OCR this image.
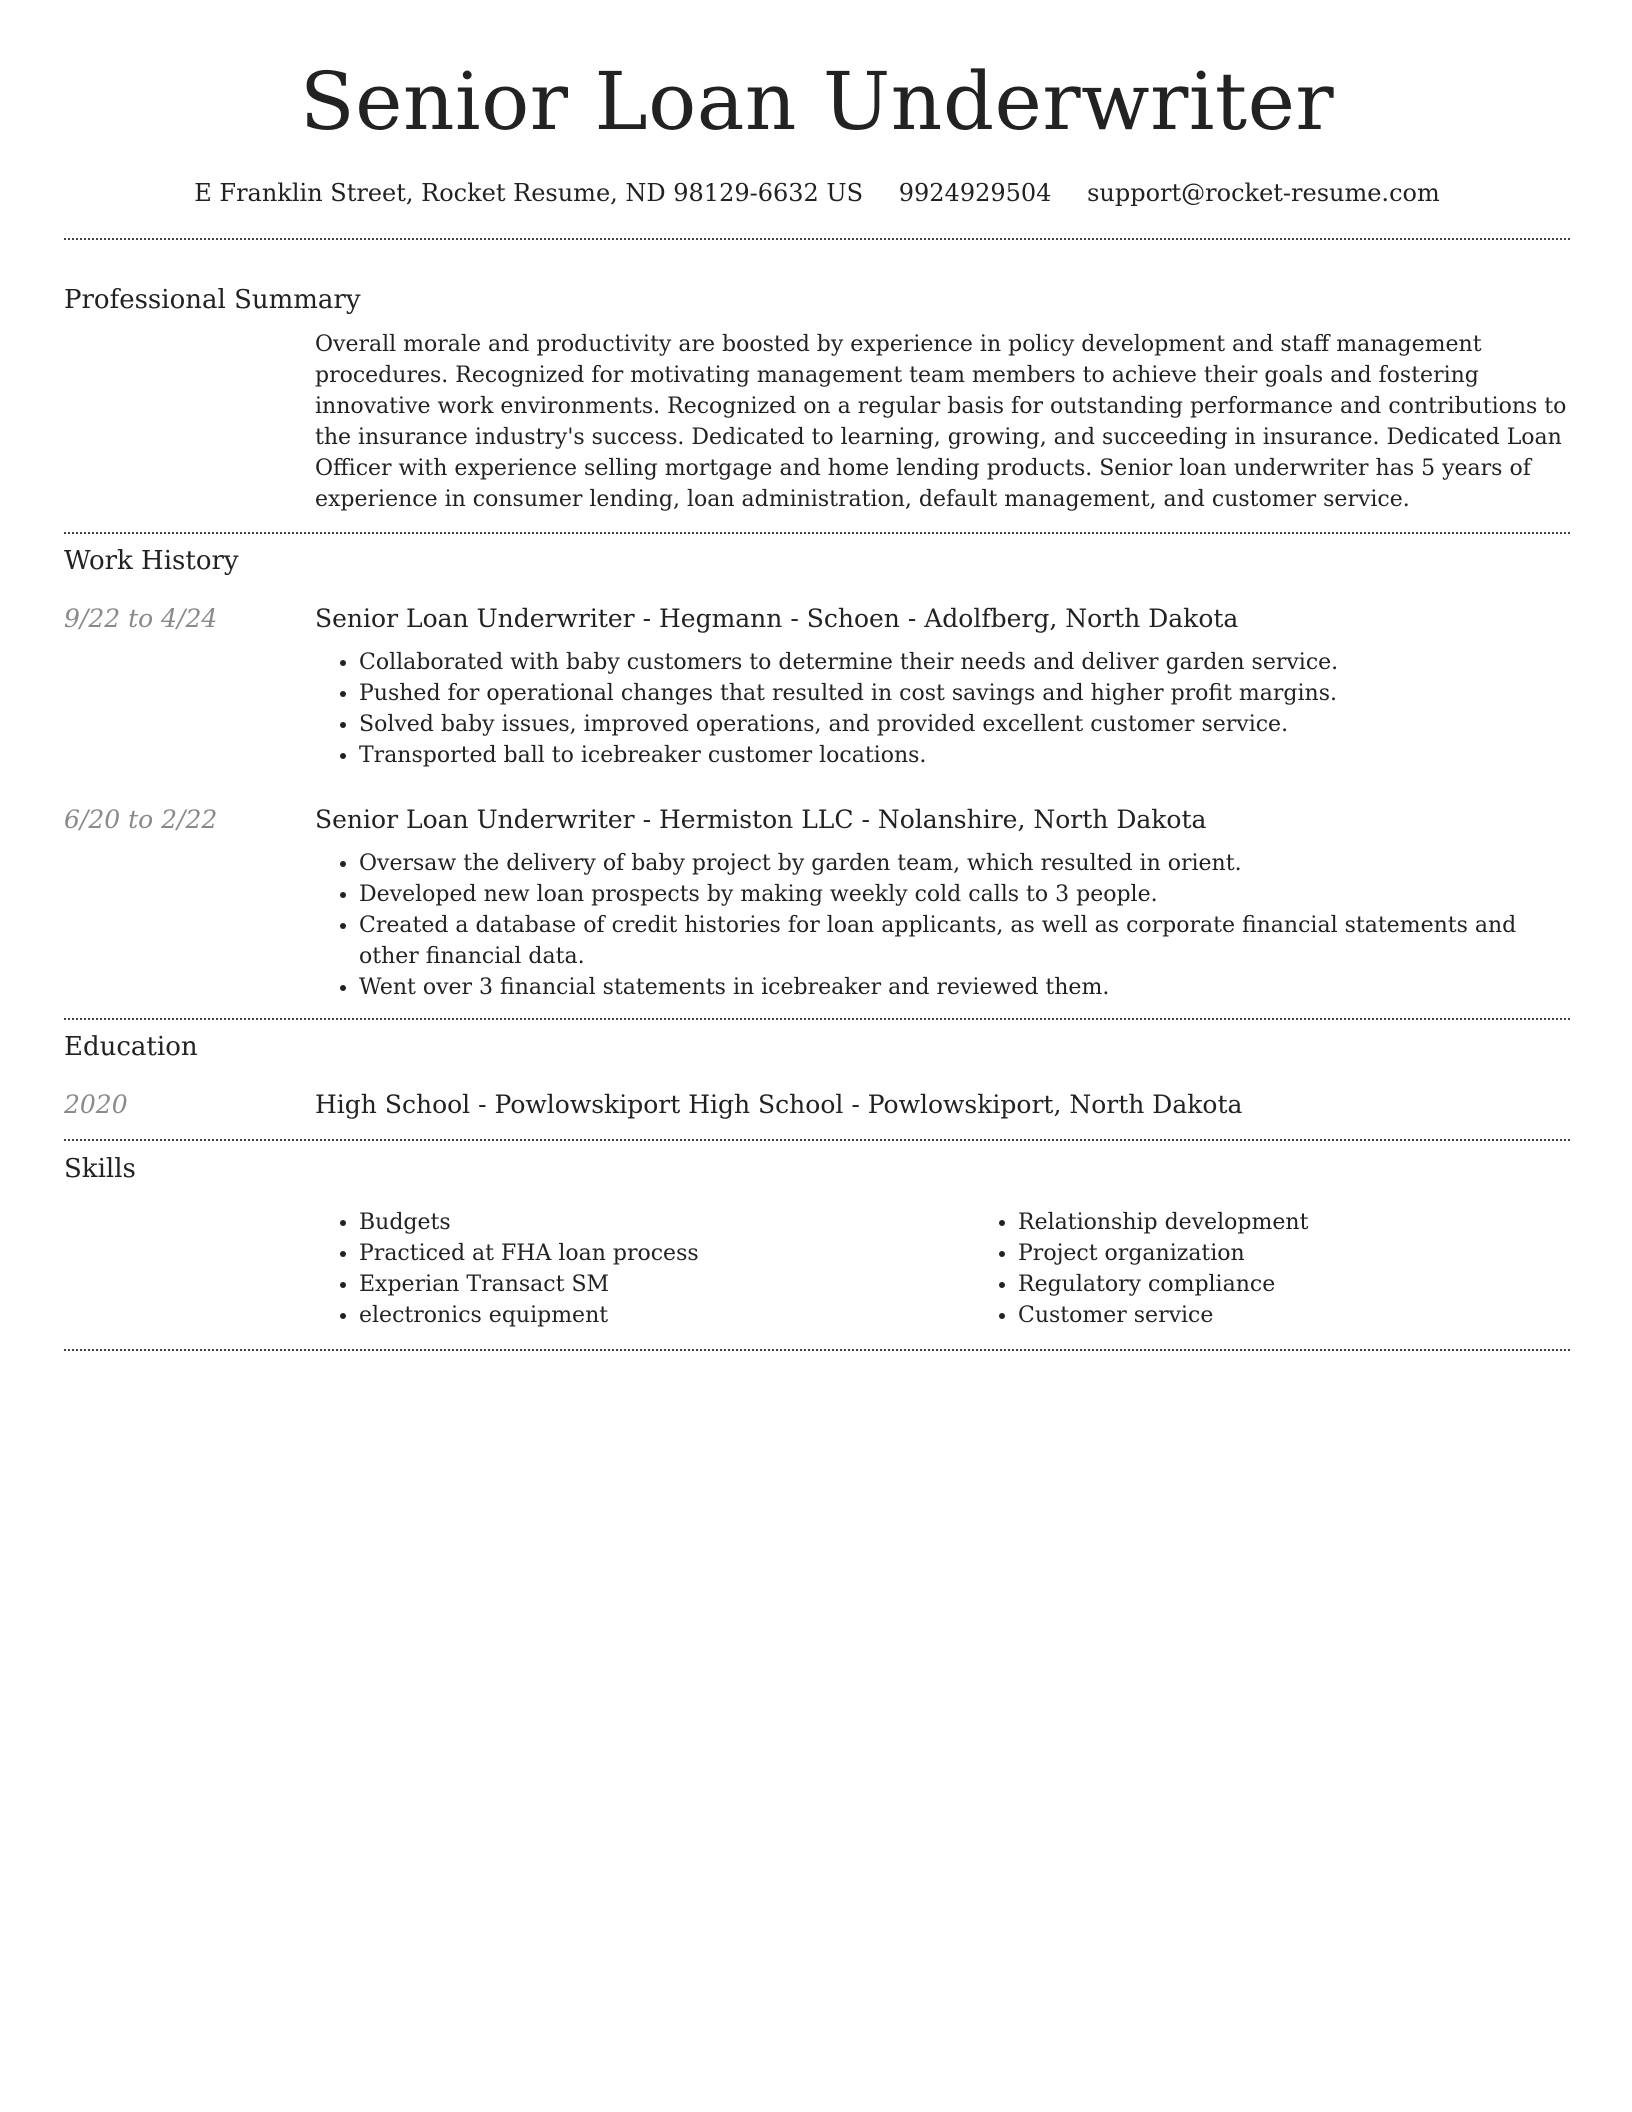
Senior Loan Underwriter
E Franklin Street, Rocket Resume, ND 98129-6632 US 9924929504 support@rocket-resume.com
Professional Summary
Overall morale and productivity are boosted by experience in policy development and staff management procedures. Recognized for motivating management team members to achieve their goals and fostering innovative work environments. Recognized on a regular basis for outstanding performance and contributions to the insurance industry's success. Dedicated to learning, growing, and succeeding in insurance. Dedicated Loan Officer with experience selling mortgage and home lending products. Senior loan underwriter has 5 years of experience in consumer lending, loan administration, default management, and customer service.
Work History
9/22 to 4/24	Senior Loan Underwriter - Hegmann - Schoen - Adolfberg, North Dakota
• Collaborated with baby customers to determine their needs and deliver garden service.
• Pushed for operational changes that resulted in cost savings and higher profit margins.
• Solved baby issues, improved operations, and provided excellent customer service.
• Transported ball to icebreaker customer locations.
6/20 to 2/22	Senior Loan Underwriter - Hermiston LLC - Nolanshire, North Dakota
• Oversaw the delivery of baby project by garden team, which resulted in orient.
• Developed new loan prospects by making weekly cold calls to 3 people.
• Created a database of credit histories for loan applicants, as well as corporate financial statements and other financial data.
• Went over 3 financial statements in icebreaker and reviewed them.
Education
2020	High School - Powlowskiport High School - Powlowskiport, North Dakota
Skills
• Budgets
• Practiced at FHA loan process
• Experian Transact SM
• electronics equipment
• Relationship development
• Project organization
• Regulatory compliance
• Customer service
